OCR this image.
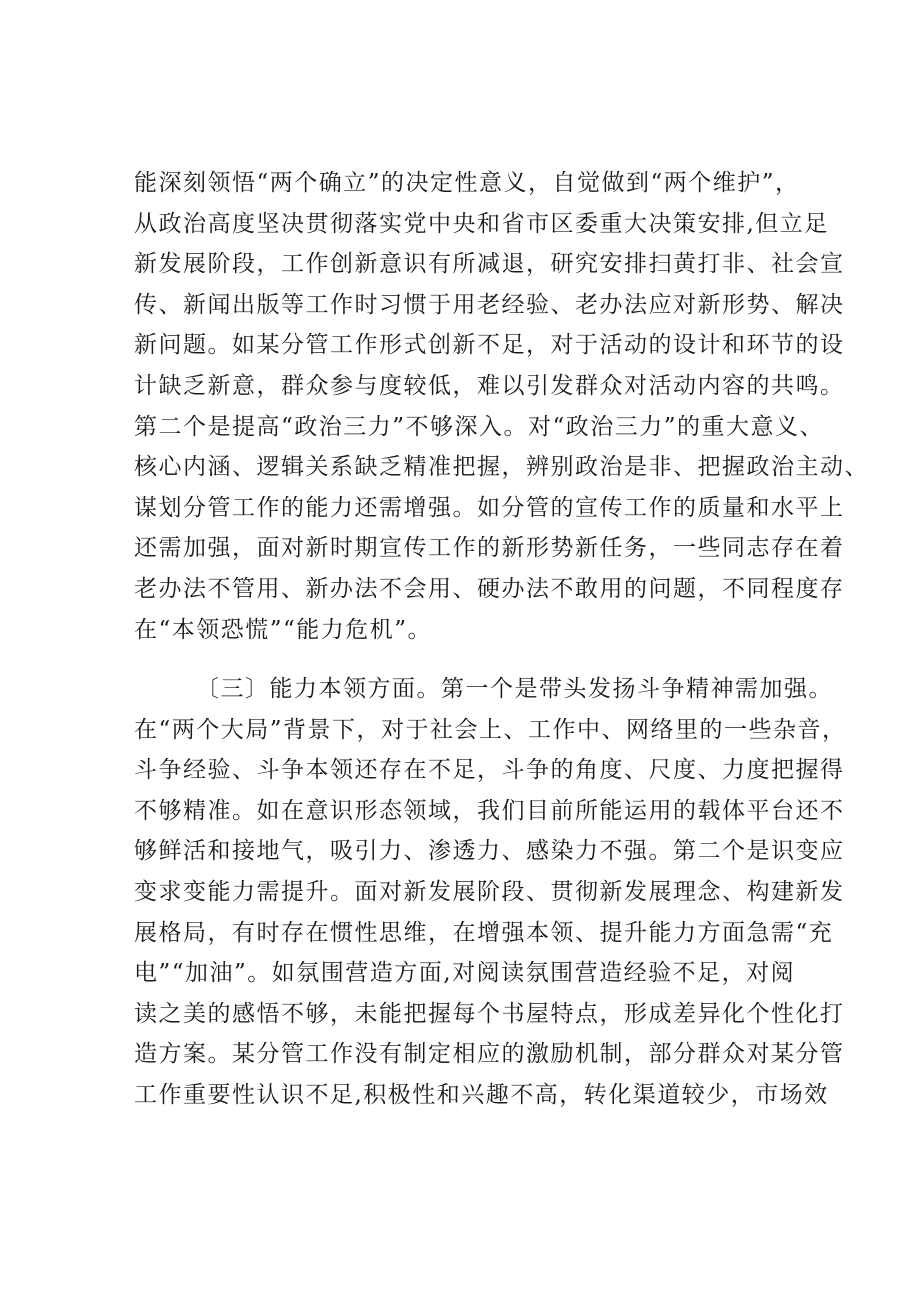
能深刻领悟“两个确立”的决定性意义，自觉做到“两个维护”，
从政治高度坚决贯彻落实党中央和省市区委重大决策安排,但立足
新发展阶段，工作创新意识有所减退，研究安排扫黄打非、社会宣
传、新闻出版等工作时习惯于用老经验、老办法应对新形势、解决
新问题。如某分管工作形式创新不足，对于活动的设计和环节的设
计缺乏新意，群众参与度较低，难以引发群众对活动内容的共鸣。
第二个是提高“政治三力”不够深入。对“政治三力”的重大意义、
核心内涵、逻辑关系缺乏精准把握，辨别政治是非、把握政治主动、
谋划分管工作的能力还需增强。如分管的宣传工作的质量和水平上
还需加强，面对新时期宣传工作的新形势新任务，一些同志存在着
老办法不管用、新办法不会用、硬办法不敢用的问题，不同程度存
在“本领恐慌”“能力危机”。
〔三〕能力本领方面。第一个是带头发扬斗争精神需加强。
在“两个大局”背景下，对于社会上、工作中、网络里的一些杂音，
斗争经验、斗争本领还存在不足，斗争的角度、尺度、力度把握得
不够精准。如在意识形态领域，我们目前所能运用的载体平台还不
够鲜活和接地气，吸引力、渗透力、感染力不强。第二个是识变应
变求变能力需提升。面对新发展阶段、贯彻新发展理念、构建新发
展格局，有时存在惯性思维，在增强本领、提升能力方面急需“充
电”“加油”。如氛围营造方面,对阅读氛围营造经验不足，对阅
读之美的感悟不够，未能把握每个书屋特点，形成差异化个性化打
造方案。某分管工作没有制定相应的激励机制，部分群众对某分管
工作重要性认识不足,积极性和兴趣不高，转化渠道较少，市场效
